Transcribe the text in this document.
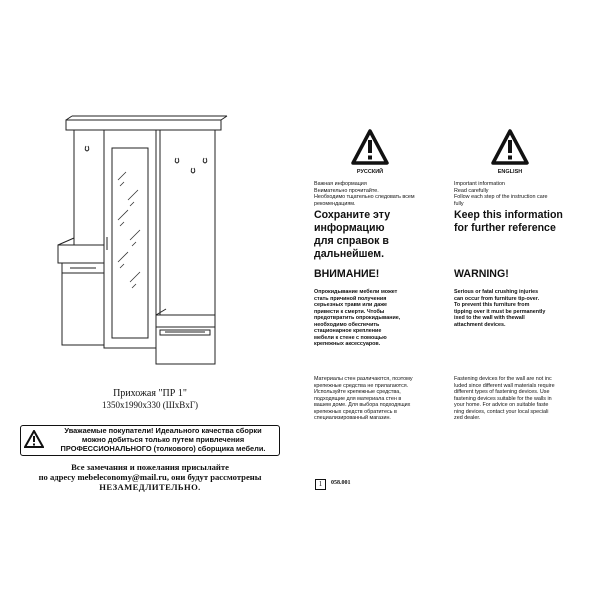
Прихожая "ПР 1"
1350x1990x330 (ШxВxГ)
Уважаемые покупатели! Идеального качества сборки
можно добиться только путем привлечения
ПРОФЕССИОНАЛЬНОГО (толкового) сборщика мебели.
Все замечания и пожелания присылайте
по адресу mebeleconomy@mail.ru, они будут рассмотрены
НЕЗАМЕДЛИТЕЛЬНО.
РУССКИЙ	ENGLISH
Важная информация
Внимательно прочитайте.
Необходимо тщательно следовать всем
рекомендациям.
Сохраните эту
информацию
для справок в
дальнейшем.
ВНИМАНИЕ!
Опрокидывание мебели может
стать причиной получения
серьезных травм или даже
привести к смерти. Чтобы
предотвратить опрокидывание,
необходимо обеспечить
стационарное крепление
мебели к стене с помощью
крепежных аксессуаров.
Материалы стен различаются, поэтому
крепежные средства не прилагаются.
Используйте крепежные средства,
подходящие для материала стен в
вашем доме. Для выбора подходящих
крепежных средств обратитесь в
специализированный магазин.
Important information
Read carefully
Follow each step of the instruction care
fully
Keep this information
for further reference
WARNING!
Serious or fatal crushing injuries
can occur from furniture tip-over.
To prevent this furniture from
tipping over it must be permanently
ixed to the wall with thewall
attachment devices.
Fastening devices for the wall are not inc
luded since different wall materials require
different types of fastening devices. Use
fastening devices suitable for the walls in
your home. For advice on suitable faste
ning devices, contact your local speciali
zed dealer.
1	058.001
